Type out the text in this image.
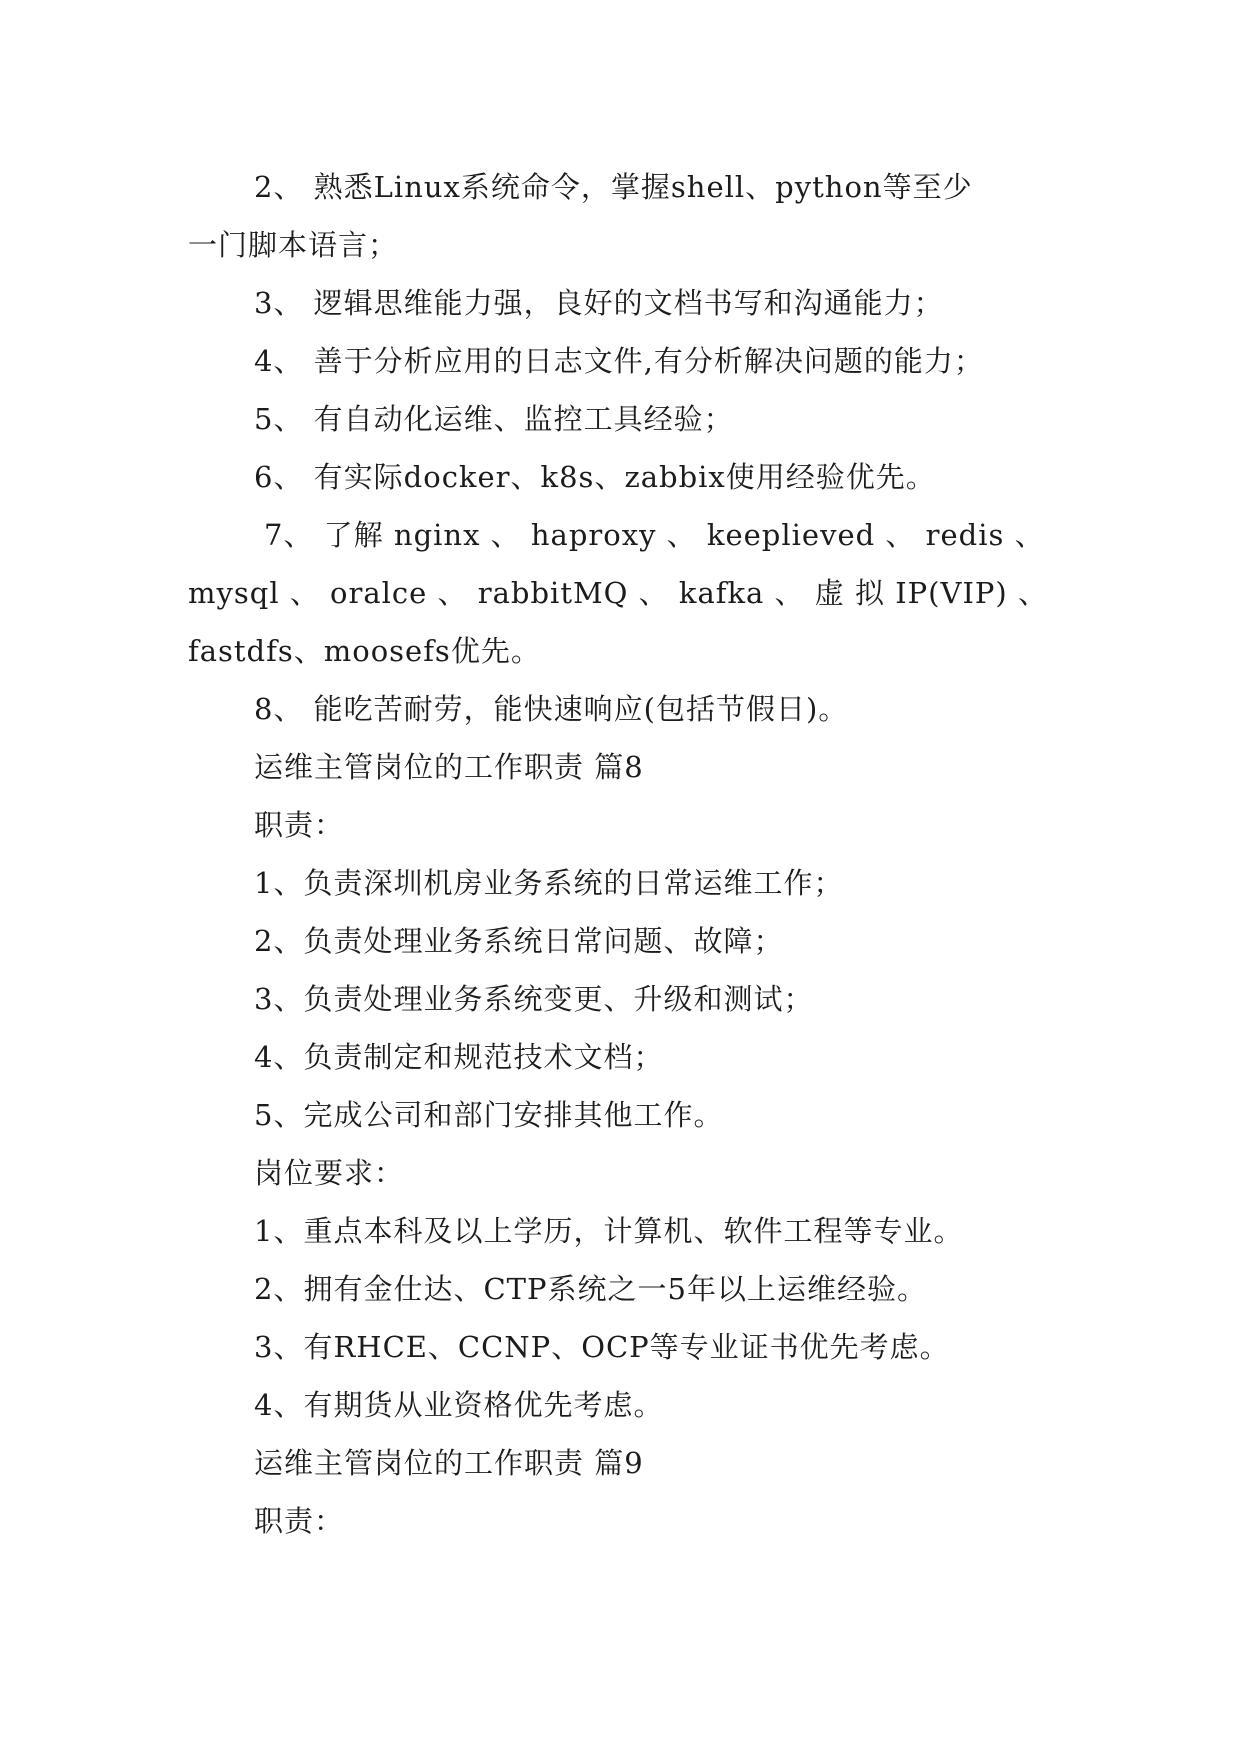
2、 熟悉Linux系统命令，掌握shell、python等至少
一门脚本语言；
3、 逻辑思维能力强，良好的文档书写和沟通能力；
4、 善于分析应用的日志文件,有分析解决问题的能力；
5、 有自动化运维、监控工具经验；
6、 有实际docker、k8s、zabbix使用经验优先。
7、 了解 nginx 、 haproxy 、 keeplieved 、 redis 、
mysql 、 oralce 、 rabbitMQ 、 kafka 、 虚 拟 IP(VIP) 、
fastdfs、moosefs优先。
8、 能吃苦耐劳，能快速响应(包括节假日)。
运维主管岗位的工作职责 篇8
职责：
1、负责深圳机房业务系统的日常运维工作；
2、负责处理业务系统日常问题、故障；
3、负责处理业务系统变更、升级和测试；
4、负责制定和规范技术文档；
5、完成公司和部门安排其他工作。
岗位要求：
1、重点本科及以上学历，计算机、软件工程等专业。
2、拥有金仕达、CTP系统之一5年以上运维经验。
3、有RHCE、CCNP、OCP等专业证书优先考虑。
4、有期货从业资格优先考虑。
运维主管岗位的工作职责 篇9
职责：
